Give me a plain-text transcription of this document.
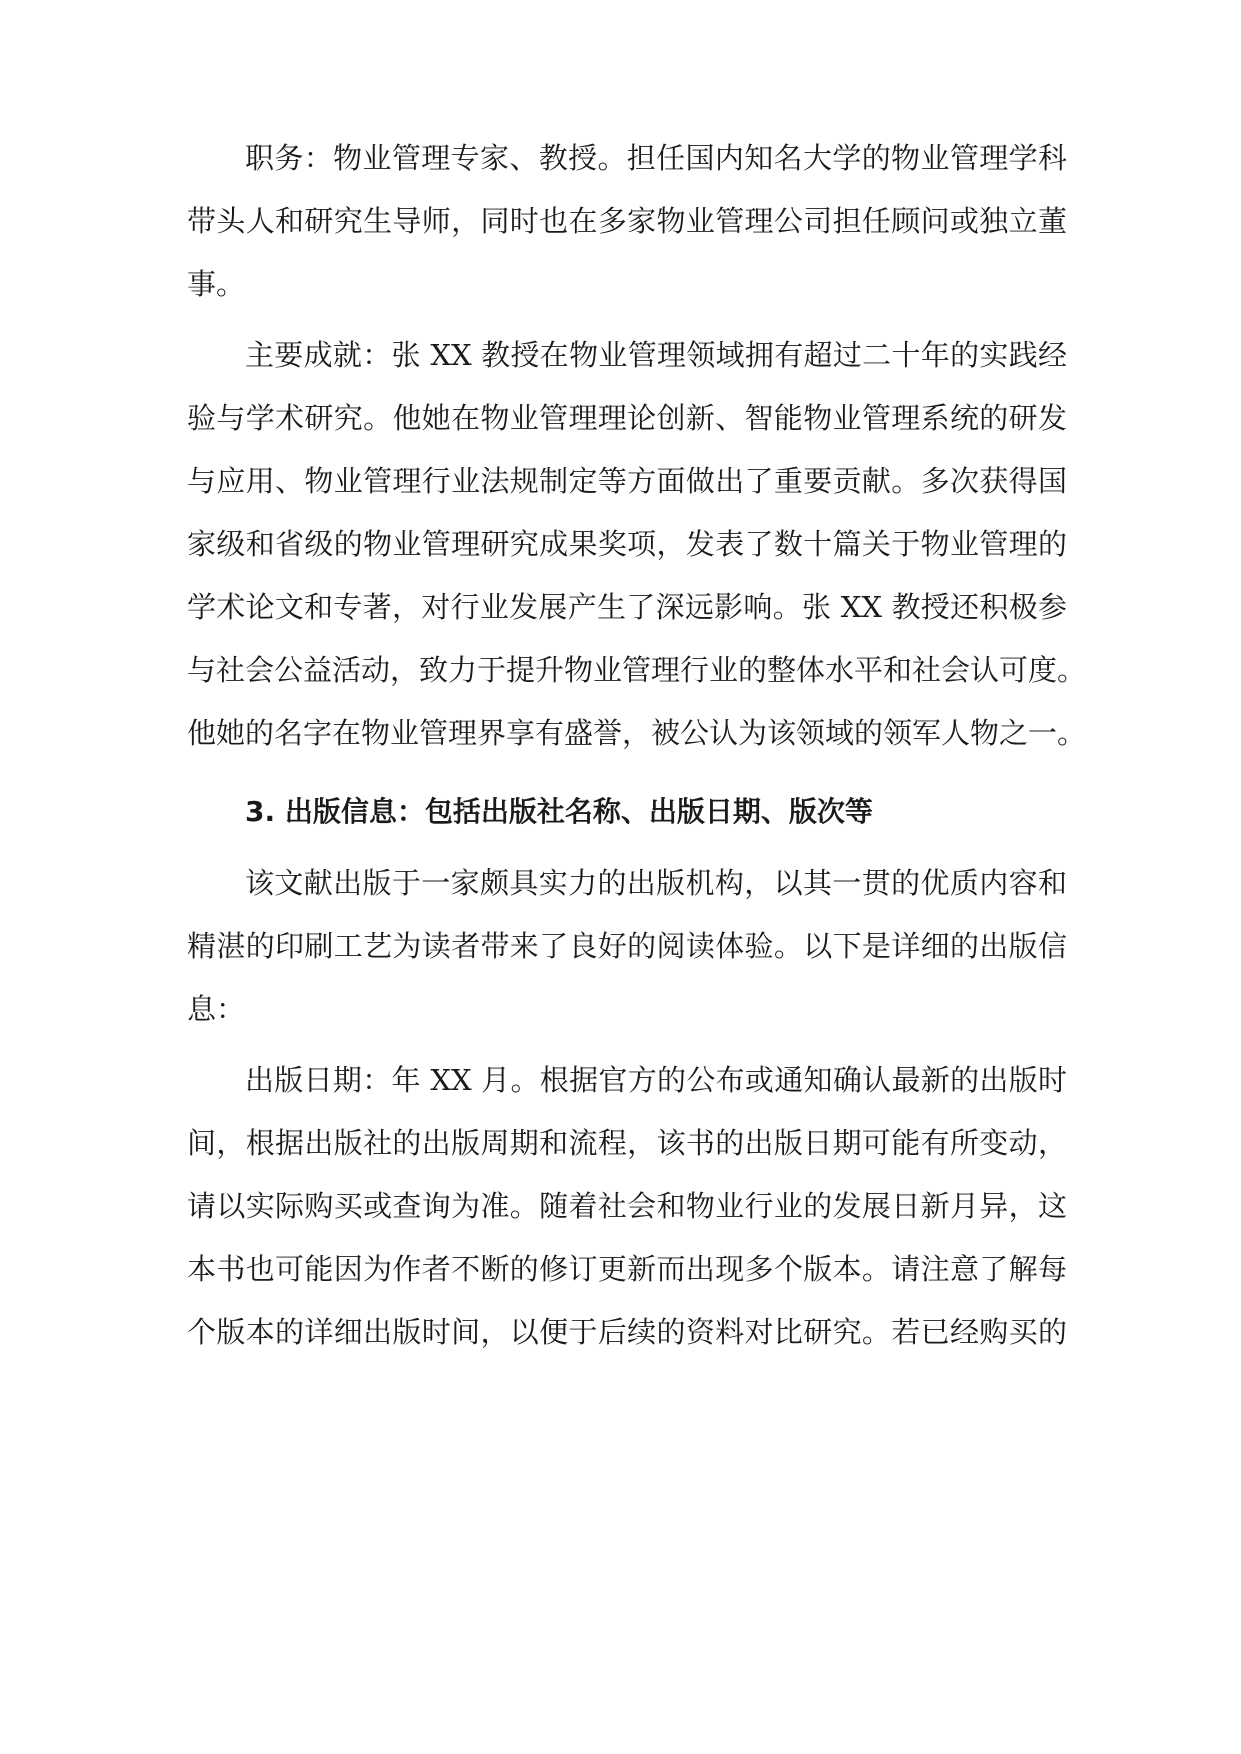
职务：物业管理专家、教授。担任国内知名大学的物业管理学科
带头人和研究生导师，同时也在多家物业管理公司担任顾问或独立董
事。
主要成就：张 XX 教授在物业管理领域拥有超过二十年的实践经
验与学术研究。他她在物业管理理论创新、智能物业管理系统的研发
与应用、物业管理行业法规制定等方面做出了重要贡献。多次获得国
家级和省级的物业管理研究成果奖项，发表了数十篇关于物业管理的
学术论文和专著，对行业发展产生了深远影响。张 XX 教授还积极参
与社会公益活动，致力于提升物业管理行业的整体水平和社会认可度。
他她的名字在物业管理界享有盛誉，被公认为该领域的领军人物之一。
3. 出版信息：包括出版社名称、出版日期、版次等
该文献出版于一家颇具实力的出版机构，以其一贯的优质内容和
精湛的印刷工艺为读者带来了良好的阅读体验。以下是详细的出版信
息：
出版日期：年 XX 月。根据官方的公布或通知确认最新的出版时
间，根据出版社的出版周期和流程，该书的出版日期可能有所变动，
请以实际购买或查询为准。随着社会和物业行业的发展日新月异，这
本书也可能因为作者不断的修订更新而出现多个版本。请注意了解每
个版本的详细出版时间，以便于后续的资料对比研究。若已经购买的
